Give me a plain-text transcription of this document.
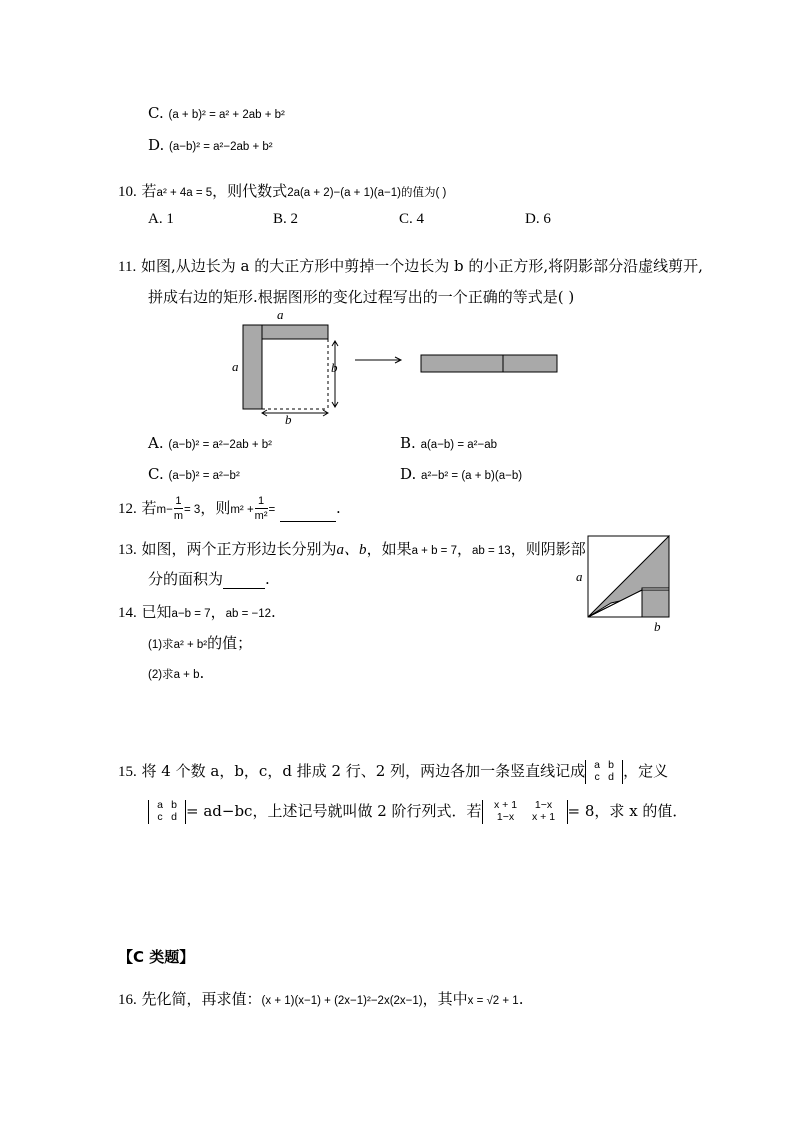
C. (a + b)² = a² + 2ab + b²
D. (a−b)² = a²−2ab + b²
10. 若a² + 4a = 5，则代数式2a(a + 2)−(a + 1)(a−1)的值为( )
A. 1	B. 2	C. 4	D. 6
11. 如图,从边长为 a 的大正方形中剪掉一个边长为 b 的小正方形,将阴影部分沿虚线剪开,
拼成右边的矩形.根据图形的变化过程写出的一个正确的等式是( )
a
a	b
b
A. (a−b)² = a²−2ab + b²	B. a(a−b) = a²−ab
C. (a−b)² = a²−b²	D. a²−b² = (a + b)(a−b)
12. 若$m- \frac{1}{m} = 3$，则$m^2 + \frac{1}{\text{m²}}$ =	.
13. 如图，两个正方形边长分别为a、b，如果a + b = 7，ab = 13，则阴影部
分的面积为	.	a
b
14. 已知a−b = 7，ab = −12.
(1)求a² + b²的值；
(2)求a + b.
15. 将 4 个数 a，b，c，d 排成 2 行、2 列，两边各加一条竖直线记成 a b
c d ，定义
a b
c d = ad−bc，上述记号就叫做 2 阶行列式．若	x + 1 1−x
1−x x + 1 = 8，求 x 的值．
【C 类题】
16. 先化简，再求值：(x + 1)(x−1) + (2x−1)²−2x(2x−1)，其中x = √2 + 1.
